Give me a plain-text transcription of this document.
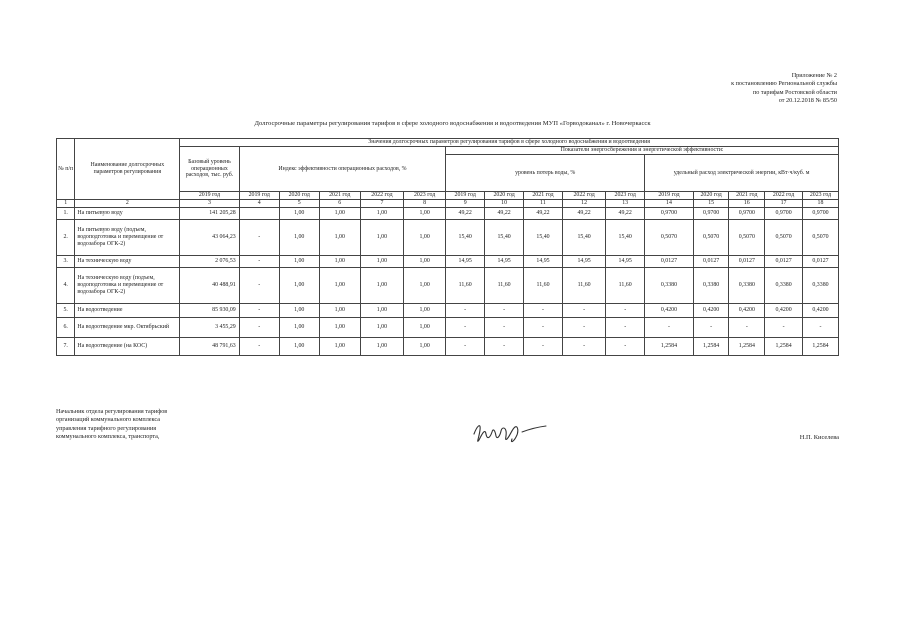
Приложение № 2
к постановлению Региональной службы
по тарифам Ростовской области
от 20.12.2018 № 85/50
Долгосрочные параметры регулирования тарифов в сфере холодного водоснабжения и водоотведения МУП «Горводоканал» г. Новочеркасск
№ п/п	Наименование долгосрочных параметров регулирования	Значения долгосрочных параметров регулирования тарифов в сфере холодного водоснабжения и водоотведения															
		Базовый уровень операционных расходов, тыс. руб.	Индекс эффективности операционных расходов, %					Показатели энергосбережения и энергетической эффективности:									
								уровень потерь воды, %					удельный расход электрической энергии, кВт·ч/куб. м				
		2019 год	2019 год	2020 год	2021 год	2022 год	2023 год	2019 год	2020 год	2021 год	2022 год	2023 год	2019 год	2020 год	2021 год	2022 год	2023 год
1	2	3	4	5	6	7	8	9	10	11	12	13	14	15	16	17	18
1.	На питьевую воду	141 205,28		1,00	1,00	1,00	1,00	49,22	49,22	49,22	49,22	49,22	0,9700	0,9700	0,9700	0,9700	0,9700
2.	На питьевую воду (подъем, водоподготовка и перемещение от водозабора ОГК-2)	43 064,23	-	1,00	1,00	1,00	1,00	15,40	15,40	15,40	15,40	15,40	0,5070	0,5070	0,5070	0,5070	0,5070
3.	На техническую воду	2 076,53	-	1,00	1,00	1,00	1,00	14,95	14,95	14,95	14,95	14,95	0,0127	0,0127	0,0127	0,0127	0,0127
4.	На техническую воду (подъем, водоподготовка и перемещение от водозабора ОГК-2)	40 488,91	-	1,00	1,00	1,00	1,00	11,60	11,60	11,60	11,60	11,60	0,3380	0,3380	0,3380	0,3380	0,3380
5.	На водоотведение	85 930,09	-	1,00	1,00	1,00	1,00	-	-	-	-	-	0,4200	0,4200	0,4200	0,4200	0,4200
6.	На водоотведение мкр. Октябрьский	3 455,29	-	1,00	1,00	1,00	1,00	-	-	-	-	-	-	-	-	-	-
7.	На водоотведение (на КОС)	48 791,63	-	1,00	1,00	1,00	1,00	-	-	-	-	-	1,2584	1,2584	1,2584	1,2584	1,2584
Начальник отдела регулирования тарифов
организаций коммунального комплекса
управления тарифного регулирования
коммунального комплекса, транспорта,	Н.П. Киселева
